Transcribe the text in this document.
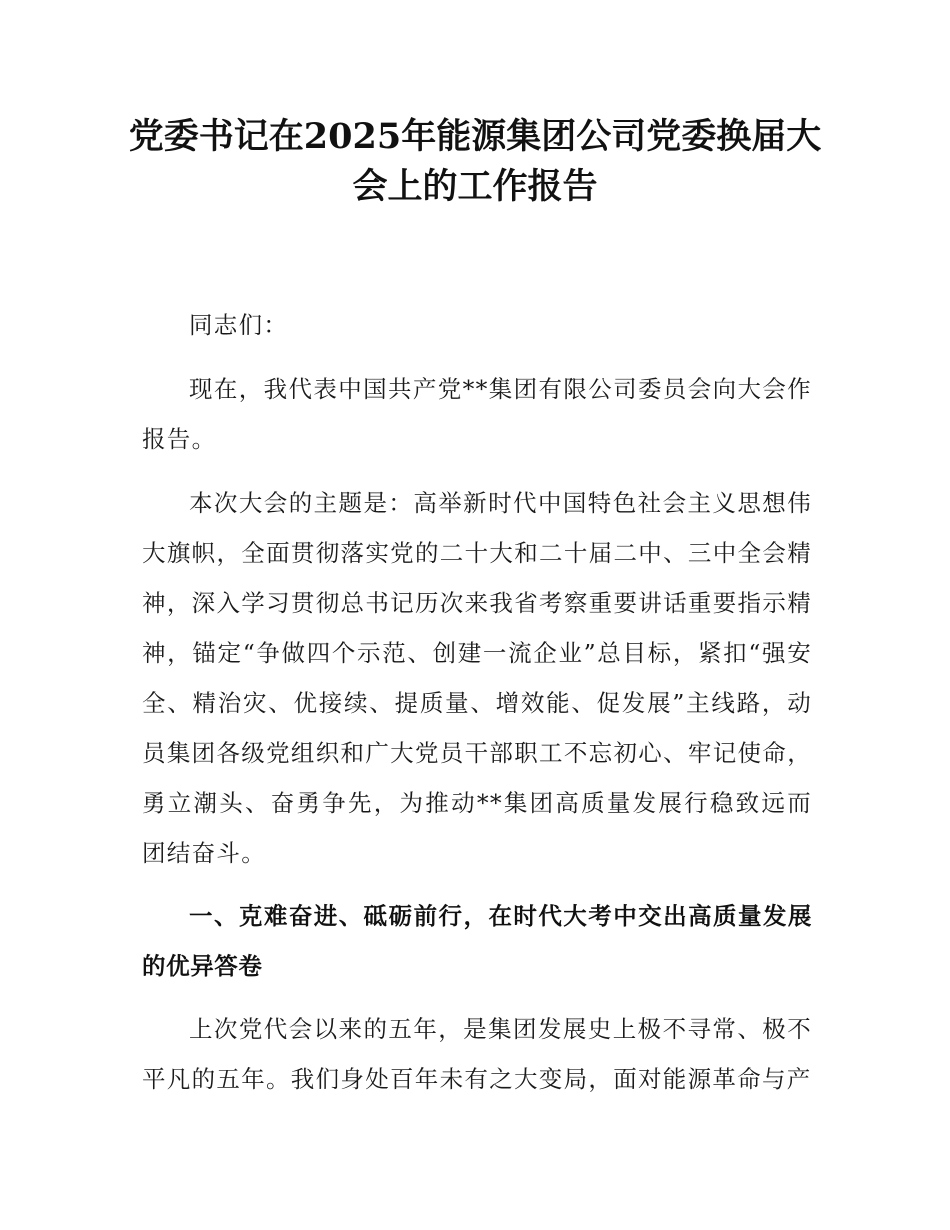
党委书记在2025年能源集团公司党委换届大
会上的工作报告

同志们：

现在，我代表中国共产党**集团有限公司委员会向大会作报告。

本次大会的主题是：高举新时代中国特色社会主义思想伟大旗帜，全面贯彻落实党的二十大和二十届二中、三中全会精神，深入学习贯彻总书记历次来我省考察重要讲话重要指示精神，锚定“争做四个示范、创建一流企业”总目标，紧扣“强安全、精治灾、优接续、提质量、增效能、促发展”主线路，动员集团各级党组织和广大党员干部职工不忘初心、牢记使命，勇立潮头、奋勇争先，为推动**集团高质量发展行稳致远而团结奋斗。

一、克难奋进、砥砺前行，在时代大考中交出高质量发展的优异答卷

上次党代会以来的五年，是集团发展史上极不寻常、极不平凡的五年。我们身处百年未有之大变局，面对能源革命与产
